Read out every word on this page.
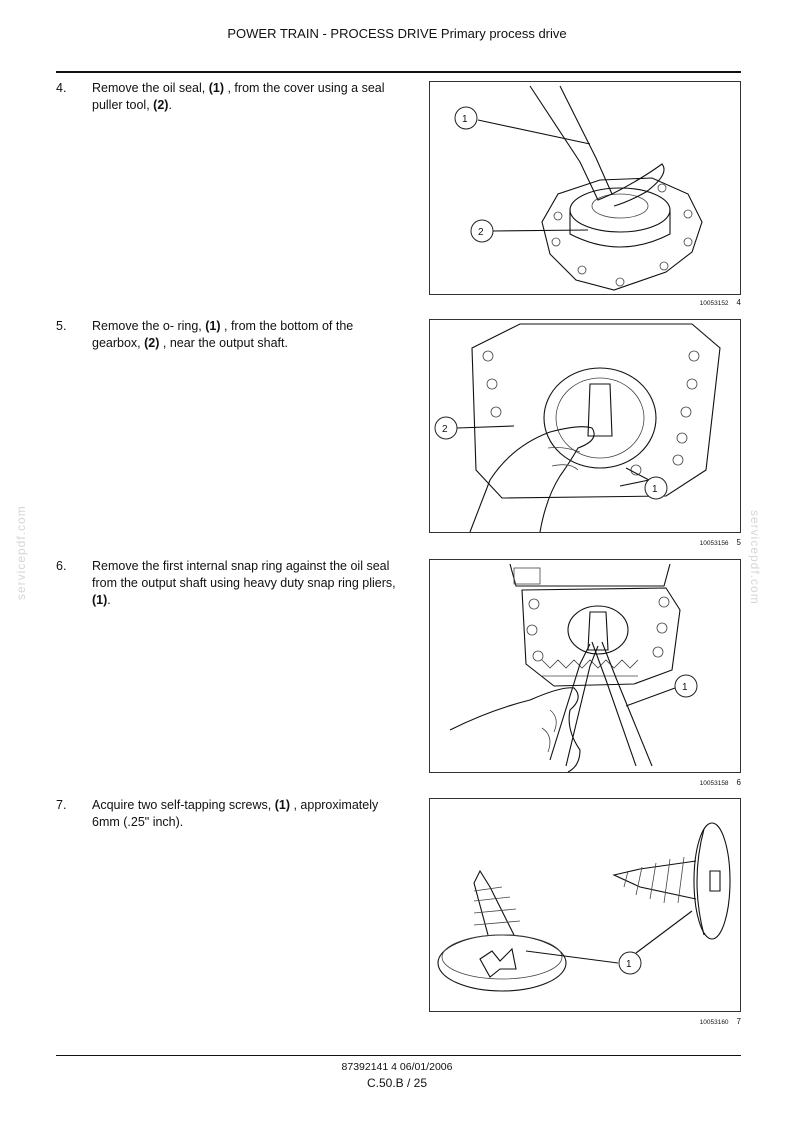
POWER TRAIN - PROCESS DRIVE Primary process drive
4. Remove the oil seal, (1) , from the cover using a seal puller tool, (2).
1
2
10053152 4
5. Remove the o- ring, (1) , from the bottom of the gearbox, (2) , near the output shaft.
2
1
10053156 5
6. Remove the first internal snap ring against the oil seal from the output shaft using heavy duty snap ring pliers, (1).
1
10053158 6
7. Acquire two self-tapping screws, (1) , approximately 6mm (.25" inch).
1
10053160 7
servicepdf.com	servicepdf.com
87392141 4 06/01/2006
C.50.B / 25
